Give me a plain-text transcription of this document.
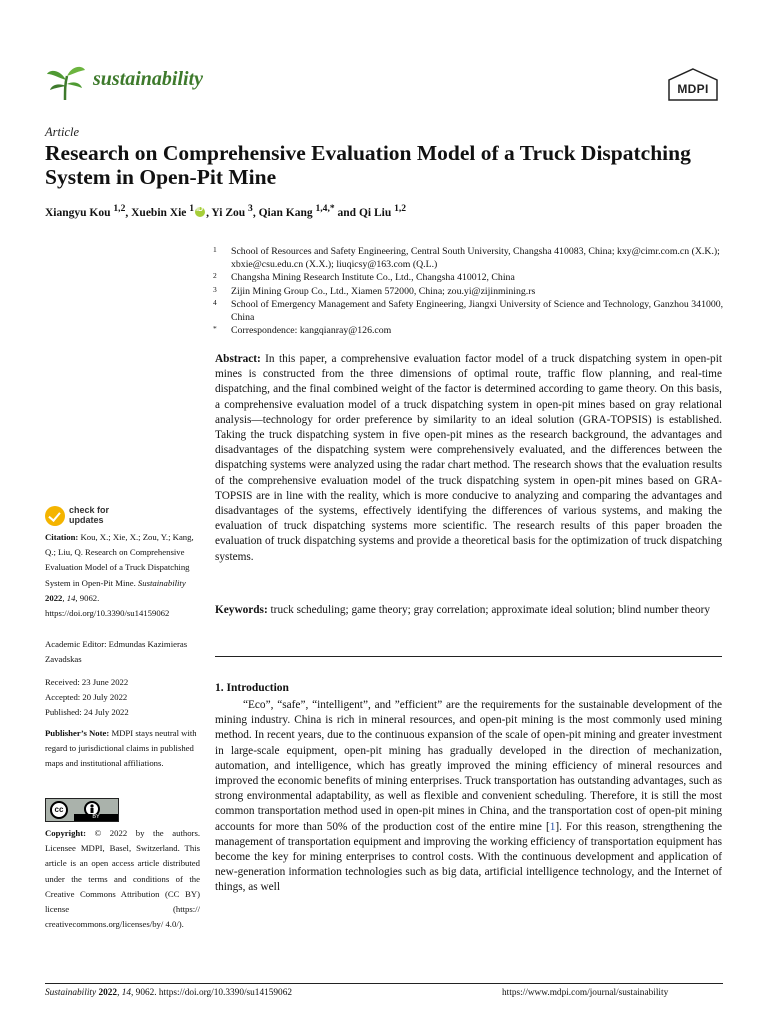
sustainability	MDPI
Article
Research on Comprehensive Evaluation Model of a Truck Dispatching System in Open-Pit Mine
Xiangyu Kou $^{1,2}$, Xuebin Xie $^1$iD , Yi Zou $^3$, Qian Kang $^{1,4,*}$ and Qi Liu $^{1,2}$
1	School of Resources and Safety Engineering, Central South University, Changsha 410083, China; kxy@cimr.com.cn (X.K.); xbxie@csu.edu.cn (X.X.); liuqicsy@163.com (Q.L.)
2	Changsha Mining Research Institute Co., Ltd., Changsha 410012, China
3	Zijin Mining Group Co., Ltd., Xiamen 572000, China; zou.yi@zijinmining.rs
4	School of Emergency Management and Safety Engineering, Jiangxi University of Science and Technology, Ganzhou 341000, China
*	Correspondence: kangqianray@126.com
Abstract: In this paper, a comprehensive evaluation factor model of a truck dispatching system in open-pit mines is constructed from the three dimensions of optimal route, traffic flow planning, and real-time dispatching, and the final combined weight of the factor is determined according to game theory. On this basis, a comprehensive evaluation model of a truck dispatching system in open-pit mines based on gray relational analysis—technology for order preference by similarity to an ideal solution (GRA-TOPSIS) is established. Taking the truck dispatching system in five open-pit mines as the research background, the advantages and disadvantages of the dispatching system were comprehensively evaluated, and the differences between the dispatching systems were analyzed using the radar chart method. The research shows that the evaluation results of the comprehensive evaluation model of the truck dispatching system in open-pit mines based on GRA-TOPSIS are in line with the reality, which is more conducive to analyzing and comparing the advantages and disadvantages of the systems, effectively identifying the differences of various systems, and making the evaluation of truck dispatching systems more scientific. The research results of this paper broaden the evaluation of truck dispatching systems and provide a theoretical basis for the optimization of truck dispatching systems.
Keywords: truck scheduling; game theory; gray correlation; approximate ideal solution; blind number theory
1. Introduction
“Eco”, “safe”, “intelligent”, and ”efficient” are the requirements for the sustainable development of the mining industry. China is rich in mineral resources, and open-pit mining is the most commonly used mining method. In recent years, due to the continuous expansion of the scale of open-pit mining and greater investment in large-scale equipment, open-pit mining has gradually developed in the direction of mechanization, automation, and intelligence, which has greatly improved the mining efficiency of mineral resources and improved the economic benefits of mining enterprises. Truck transportation has outstanding advantages, such as strong environmental adaptability, as well as flexible and convenient scheduling. Therefore, it is still the most common transportation method used in open-pit mines in China, and the transportation cost of open-pit mining accounts for more than 50% of the production cost of the entire mine [1]. For this reason, strengthening the management of transportation equipment and improving the working efficiency of transportation equipment has become the key for mining enterprises to control costs. With the continuous development and application of new-generation information technologies such as big data, artificial intelligence technology, and the Internet of things, as well
check for
updates
Citation: Kou, X.; Xie, X.; Zou, Y.; Kang, Q.; Liu, Q. Research on Comprehensive Evaluation Model of a Truck Dispatching System in Open-Pit Mine. Sustainability 2022, 14, 9062. https://doi.org/10.3390/su14159062
Academic Editor: Edmundas Kazimieras Zavadskas
Received: 23 June 2022
Accepted: 20 July 2022
Published: 24 July 2022
Publisher’s Note: MDPI stays neutral with regard to jurisdictional claims in published maps and institutional affiliations.
cc
BY
Copyright: © 2022 by the authors. Licensee MDPI, Basel, Switzerland. This article is an open access article distributed under the terms and conditions of the Creative Commons Attribution (CC BY) license (https:// creativecommons.org/licenses/by/ 4.0/).
Sustainability 2022, 14, 9062. https://doi.org/10.3390/su14159062	https://www.mdpi.com/journal/sustainability
